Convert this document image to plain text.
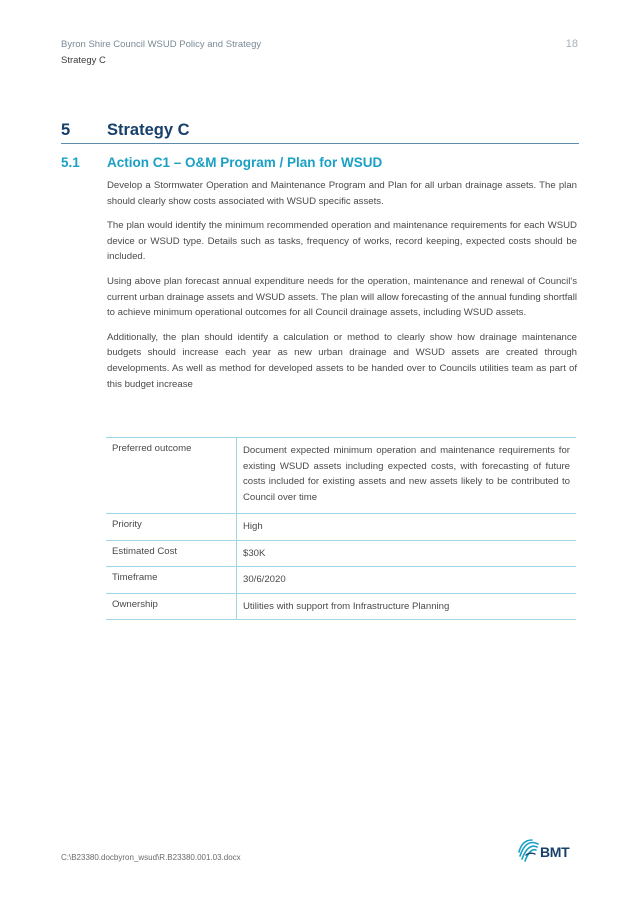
Byron Shire Council WSUD Policy and Strategy
Strategy C
18
5 Strategy C
5.1 Action C1 – O&M Program / Plan for WSUD

Develop a Stormwater Operation and Maintenance Program and Plan for all urban drainage assets. The plan should clearly show costs associated with WSUD specific assets.

The plan would identify the minimum recommended operation and maintenance requirements for each WSUD device or WSUD type. Details such as tasks, frequency of works, record keeping, expected costs should be included.

Using above plan forecast annual expenditure needs for the operation, maintenance and renewal of Council's current urban drainage assets and WSUD assets. The plan will allow forecasting of the annual funding shortfall to achieve minimum operational outcomes for all Council drainage assets, including WSUD assets.

Additionally, the plan should identify a calculation or method to clearly show how drainage maintenance budgets should increase each year as new urban drainage and WSUD assets are created through developments. As well as method for developed assets to be handed over to Councils utilities team as part of this budget increase

Preferred outcome	Document expected minimum operation and maintenance requirements for existing WSUD assets including expected costs, with forecasting of future costs included for existing assets and new assets likely to be contributed to Council over time
Priority	High
Estimated Cost	$30K
Timeframe	30/6/2020
Ownership	Utilities with support from Infrastructure Planning
C:\B23380.docbyron_wsud\R.B23380.001.03.docx	BMT
